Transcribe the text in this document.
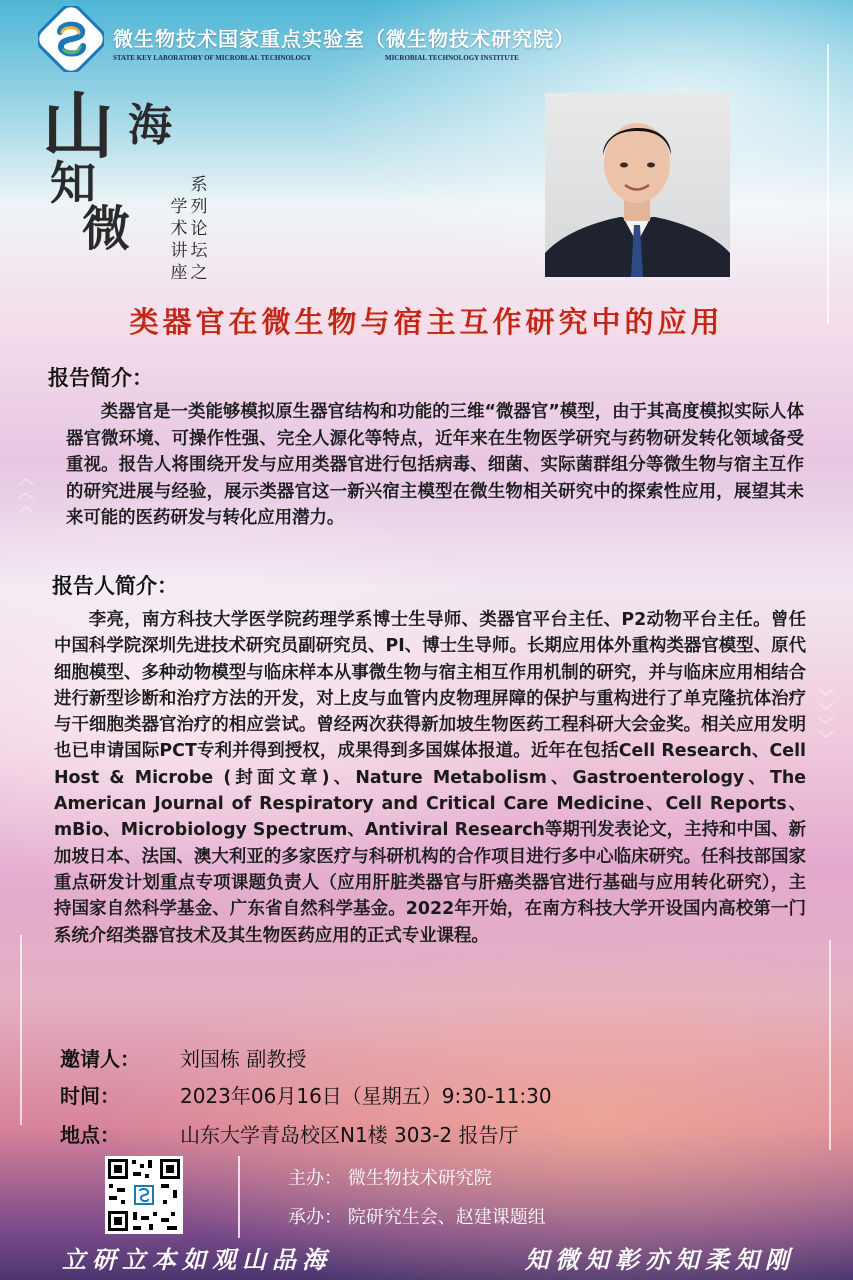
微生物技术国家重点实验室（微生物技术研究院）
STATE KEY LABORATORY OF MICROBLAL TECHNOLOGY	MICROBIAL TECHNOLOGY INSTITUTE
山 海
知
微
系列论坛之
学术讲座
类器官在微生物与宿主互作研究中的应用
报告简介：
类器官是一类能够模拟原生器官结构和功能的三维“微器官”模型，由于其高度模拟实际人体器官微环境、可操作性强、完全人源化等特点，近年来在生物医学研究与药物研发转化领域备受重视。报告人将围绕开发与应用类器官进行包括病毒、细菌、实际菌群组分等微生物与宿主互作的研究进展与经验，展示类器官这一新兴宿主模型在微生物相关研究中的探索性应用，展望其未来可能的医药研发与转化应用潜力。
报告人简介：
李亮，南方科技大学医学院药理学系博士生导师、类器官平台主任、P2动物平台主任。曾任中国科学院深圳先进技术研究员副研究员、PI、博士生导师。长期应用体外重构类器官模型、原代细胞模型、多种动物模型与临床样本从事微生物与宿主相互作用机制的研究，并与临床应用相结合进行新型诊断和治疗方法的开发，对上皮与血管内皮物理屏障的保护与重构进行了单克隆抗体治疗与干细胞类器官治疗的相应尝试。曾经两次获得新加坡生物医药工程科研大会金奖。相关应用发明也已申请国际PCT专利并得到授权，成果得到多国媒体报道。近年在包括Cell Research、Cell Host & Microbe (封面文章)、Nature Metabolism、Gastroenterology、The American Journal of Respiratory and Critical Care Medicine、Cell Reports、mBio、Microbiology Spectrum、Antiviral Research等期刊发表论文，主持和中国、新加坡日本、法国、澳大利亚的多家医疗与科研机构的合作项目进行多中心临床研究。任科技部国家重点研发计划重点专项课题负责人（应用肝脏类器官与肝癌类器官进行基础与应用转化研究），主持国家自然科学基金、广东省自然科学基金。2022年开始，在南方科技大学开设国内高校第一门系统介绍类器官技术及其生物医药应用的正式专业课程。
邀请人： 刘国栋 副教授
时间：	2023年06月16日（星期五）9:30-11:30
地点：	山东大学青岛校区N1楼 303-2 报告厅
主办： 微生物技术研究院
承办： 院研究生会、赵建课题组
立研立本如观山品海	知微知彰亦知柔知刚
︿
︿
︿
﹀
﹀
﹀
﹀
